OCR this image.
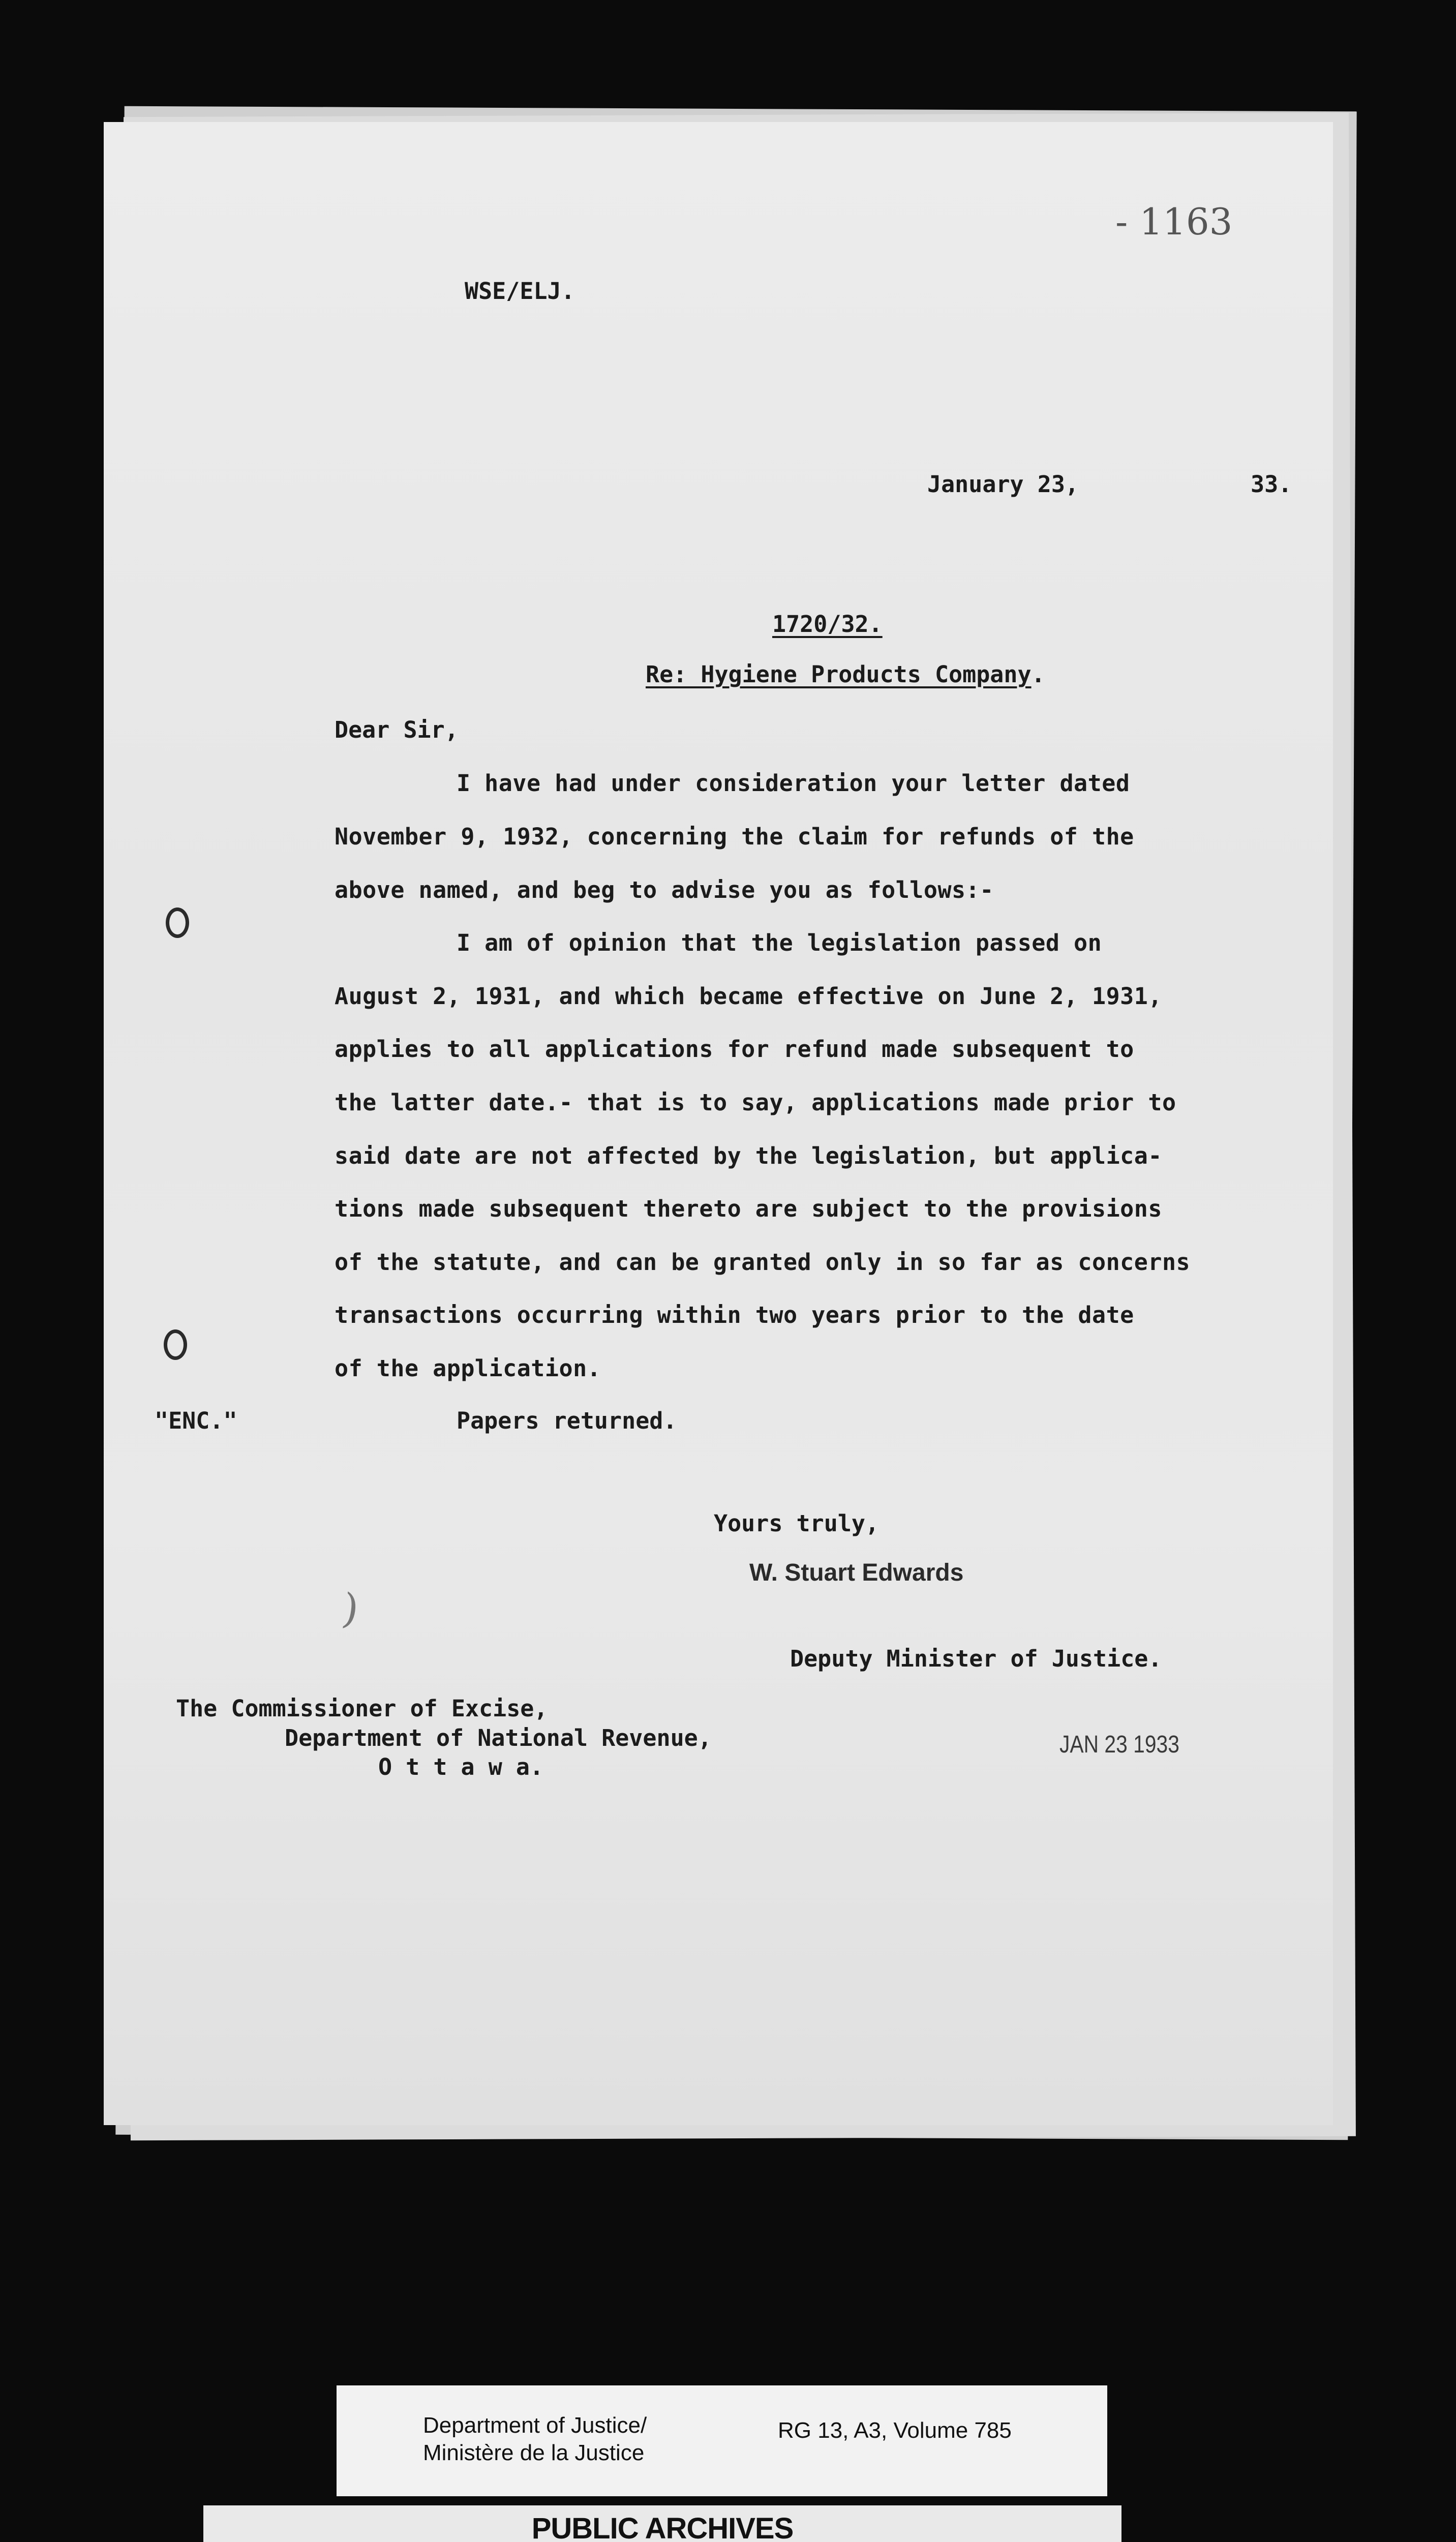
- 1163
WSE/ELJ.
January 23,	33.
1720/32.
Re: Hygiene Products Company.
Dear Sir,
I have had under consideration your letter dated
November 9, 1932, concerning the claim for refunds of the
above named, and beg to advise you as follows:-
I am of opinion that the legislation passed on
August 2, 1931, and which became effective on June 2, 1931,
applies to all applications for refund made subsequent to
the latter date.- that is to say, applications made prior to
said date are not affected by the legislation, but applica-
tions made subsequent thereto are subject to the provisions
of the statute, and can be granted only in so far as concerns
transactions occurring within two years prior to the date
of the application.
"ENC."	Papers returned.
Yours truly,
W. Stuart Edwards
Deputy Minister of Justice.
The Commissioner of Excise,
Department of National Revenue,
O t t a w a.
JAN 23 1933
)
Department of Justice/
Ministère de la Justice
RG 13, A3, Volume 785
PUBLIC ARCHIVES
